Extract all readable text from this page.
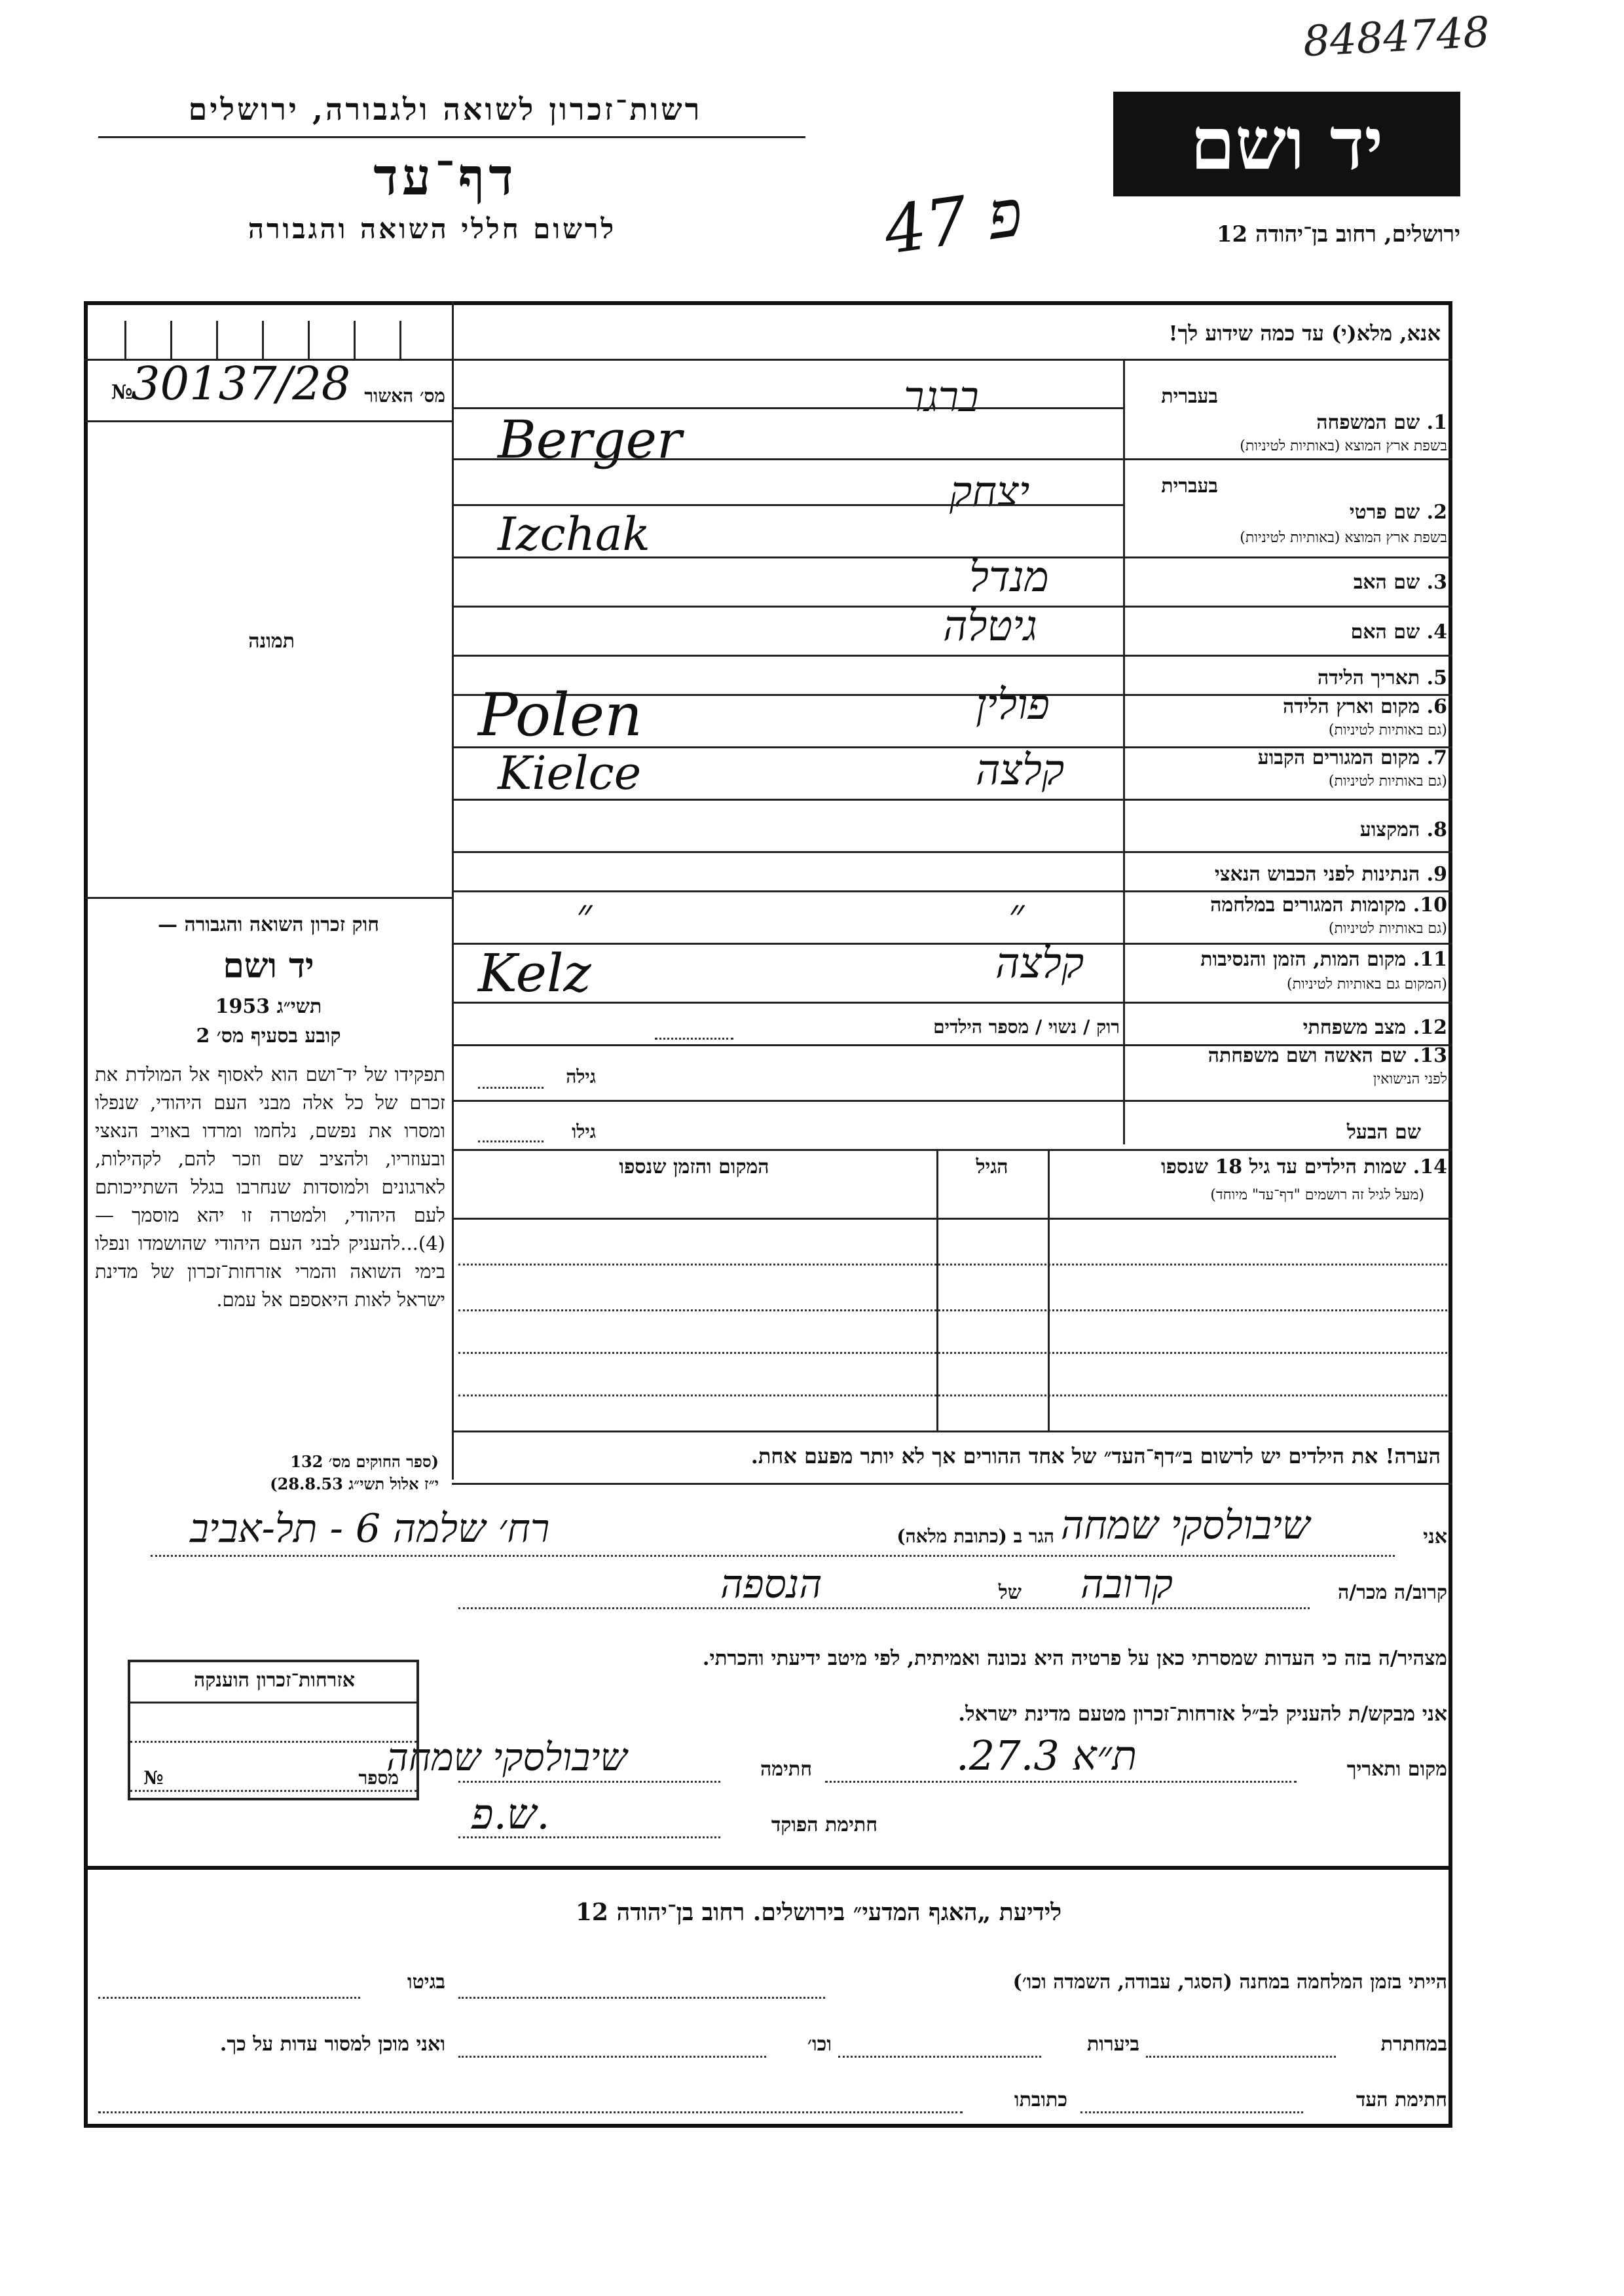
8484748
רשות־זכרון לשואה ולגבורה, ירושלים
דף־עד
לרשום חללי השואה והגבורה
יד ושם
ירושלים, רחוב בן־יהודה 12
47 פ
אנא, מלא(י) עד כמה שידוע לך!
№
30137/28 מס׳ האשור
תמונה
בעברית
1. שם המשפחה
בשפת ארץ המוצא (באותיות לטיניות)
ברגר
Berger
בעברית
2. שם פרטי
בשפת ארץ המוצא (באותיות לטיניות)
יצחק
Izchak
3. שם האב
מנדל
4. שם האם
גיטלה
5. תאריך הלידה
6. מקום וארץ הלידה
(גם באותיות לטיניות)
פולין
Polen
7. מקום המגורים הקבוע
(גם באותיות לטיניות)
קלצה
Kielce
8. המקצוע
9. הנתינות לפני הכבוש הנאצי
10. מקומות המגורים במלחמה
(גם באותיות לטיניות)
״
״
11. מקום המות, הזמן והנסיבות
(המקום גם באותיות לטיניות)
קלצה
Kelz
12. מצב משפחתי
רוק / נשוי / מספר הילדים
13. שם האשה ושם משפחתה
לפני הנישואין
גילה
שם הבעל
גילו
14. שמות הילדים עד גיל 18 שנספו
(מעל לגיל זה רושמים "דף־עד" מיוחד)
הגיל
המקום והזמן שנספו
חוק זכרון השואה והגבורה —
יד ושם
תשי״ג 1953
קובע בסעיף מס׳ 2
תפקידו של יד־ושם הוא לאסוף אל המולדת את זכרם של כל אלה מבני העם היהודי, שנפלו ומסרו את נפשם, נלחמו ומרדו באויב הנאצי ובעוזריו, ולהציב שם וזכר להם, לקהילות, לארגונים ולמוסדות שנחרבו בגלל השתייכותם לעם היהודי, ולמטרה זו יהא מוסמך — (4)...להעניק לבני העם היהודי שהושמדו ונפלו בימי השואה והמרי אזרחות־זכרון של מדינת ישראל לאות היאספם אל עמם.
(ספר החוקים מס׳ 132
י״ז אלול תשי״ג 28.8.53)
הערה! את הילדים יש לרשום ב״דף־העד״ של אחד ההורים אך לא יותר מפעם אחת.
אני
שיבולסקי שמחה
הגר ב (כתובת מלאה)
רח׳ שלמה 6 - תל-אביב
קרוב/ה מכר/ה
קרובה
של
הנספה
מצהיר/ה בזה כי העדות שמסרתי כאן על פרטיה היא נכונה ואמיתית, לפי מיטב ידיעתי והכרתי.
אני מבקש/ת להעניק לב״ל אזרחות־זכרון מטעם מדינת ישראל.
מקום ותאריך
ת״א 27.3.
חתימה
שיבולסקי שמחה
חתימת הפוקד
ש.פ.
אזרחות־זכרון הוענקה
№	מספר
לידיעת „האגף המדעי״ בירושלים. רחוב בן־יהודה 12
הייתי בזמן המלחמה במחנה (הסגר, עבודה, השמדה וכו׳)
בגיטו
במחתרת
ביערות
וכו׳
ואני מוכן למסור עדות על כך.
חתימת העד
כתובתו
